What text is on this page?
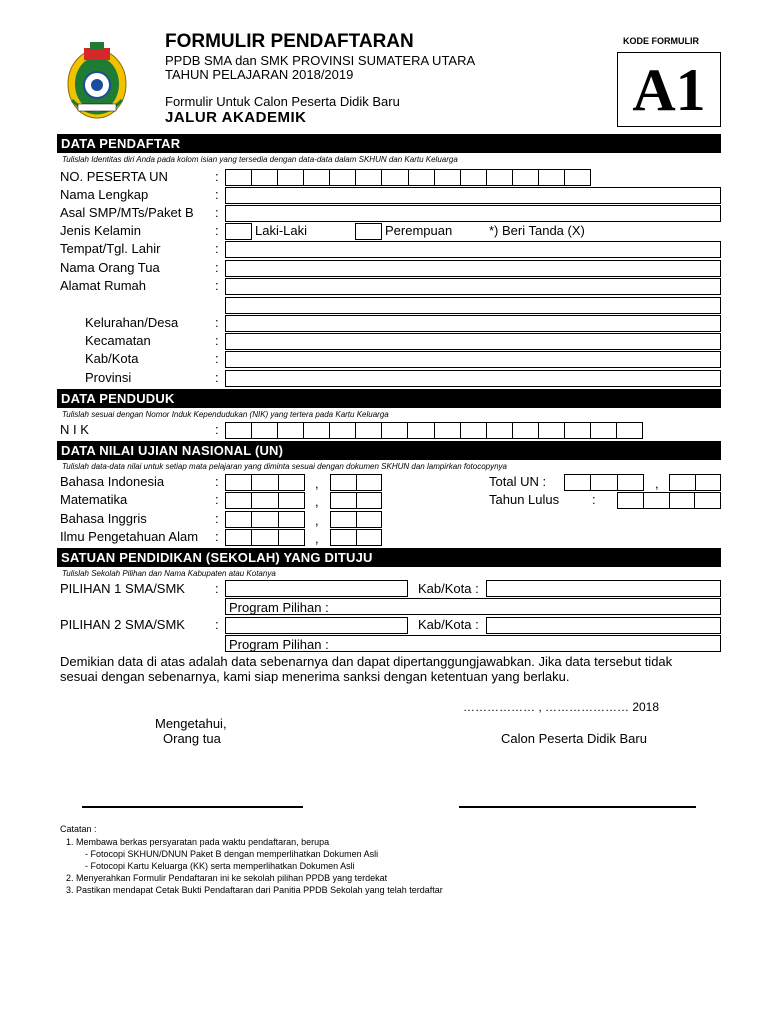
FORMULIR PENDAFTARAN
PPDB SMA dan SMK PROVINSI SUMATERA UTARA
TAHUN PELAJARAN 2018/2019
Formulir Untuk Calon Peserta Didik Baru
JALUR AKADEMIK
KODE FORMULIR
A1
DATA PENDAFTAR
Tulislah Identitas diri Anda pada kolom isian yang tersedia dengan data-data dalam SKHUN dan Kartu Keluarga
NO. PESERTA UN	:
Nama Lengkap	:
Asal SMP/MTs/Paket B :
Jenis Kelamin	:	Laki-Laki	Perempuan	*) Beri Tanda (X)
Tempat/Tgl. Lahir	:
Nama Orang Tua	:
Alamat Rumah	:
Kelurahan/Desa	:
Kecamatan	:
Kab/Kota	:
Provinsi	:
DATA PENDUDUK
Tulislah sesuai dengan Nomor Induk Kependudukan (NIK) yang tertera pada Kartu Keluarga
N I K	:
DATA NILAI UJIAN NASIONAL (UN)
Tulislah data-data nilai untuk setiap mata pelajaran yang diminta sesuai dengan dokumen SKHUN dan lampirkan fotocopynya
Bahasa Indonesia	:	,	Total UN :	,
Matematika	:	,	Tahun Lulus	:
Bahasa Inggris	:	,
Ilmu Pengetahuan Alam :	,
SATUAN PENDIDIKAN (SEKOLAH) YANG DITUJU
Tulislah Sekolah Pilihan dan Nama Kabupaten atau Kotanya
PILIHAN 1 SMA/SMK :	Kab/Kota :
Program Pilihan :
PILIHAN 2 SMA/SMK :	Kab/Kota :
Program Pilihan :
Demikian data di atas adalah data sebenarnya dan dapat dipertanggungjawabkan. Jika data tersebut tidak
sesuai dengan sebenarnya, kami siap menerima sanksi dengan ketentuan yang berlaku.
……………… , ………………… 2018
Mengetahui,
Orang tua	Calon Peserta Didik Baru
Catatan :
1. Membawa berkas persyaratan pada waktu pendaftaran, berupa
- Fotocopi SKHUN/DNUN Paket B dengan memperlihatkan Dokumen Asli
- Fotocopi Kartu Keluarga (KK) serta memperlihatkan Dokumen Asli
2. Menyerahkan Formulir Pendaftaran ini ke sekolah pilihan PPDB yang terdekat
3. Pastikan mendapat Cetak Bukti Pendaftaran dari Panitia PPDB Sekolah yang telah terdaftar
